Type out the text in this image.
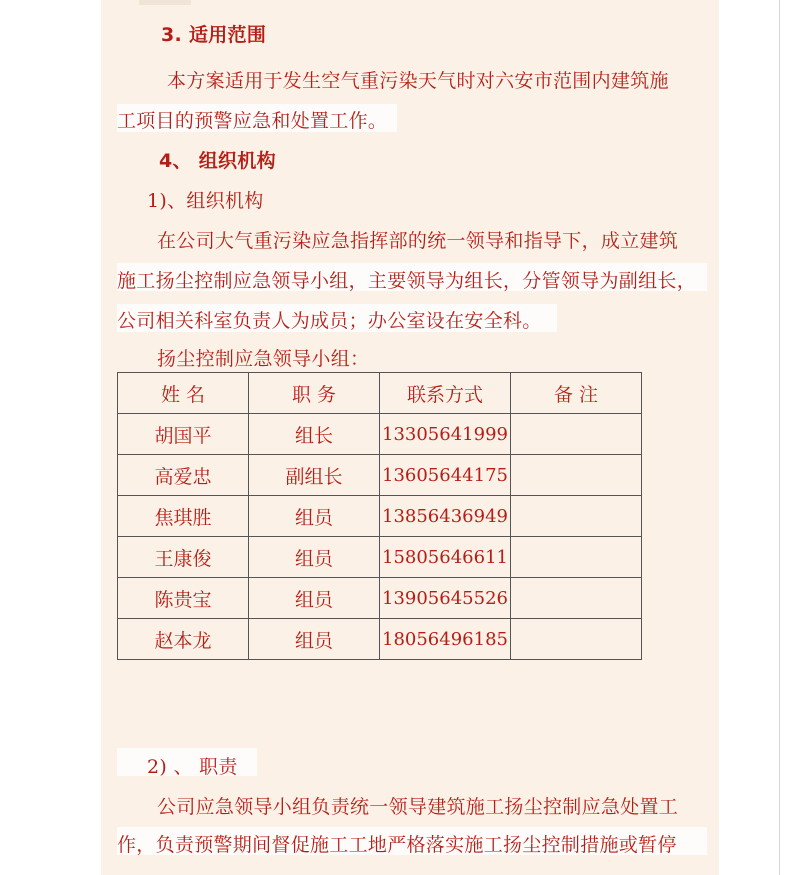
3. 适用范围
本方案适用于发生空气重污染天气时对六安市范围内建筑施
工项目的预警应急和处置工作。
4、 组织机构
1)、组织机构
在公司大气重污染应急指挥部的统一领导和指导下，成立建筑
施工扬尘控制应急领导小组，主要领导为组长，分管领导为副组长，
公司相关科室负责人为成员；办公室设在安全科。
扬尘控制应急领导小组：
姓 名	职 务	联系方式	备 注
胡国平	组长	13305641999	
高爱忠	副组长	13605644175	
焦琪胜	组员	13856436949	
王康俊	组员	15805646611	
陈贵宝	组员	13905645526	
赵本龙	组员	18056496185	
2) 、 职责
公司应急领导小组负责统一领导建筑施工扬尘控制应急处置工
作，负责预警期间督促施工工地严格落实施工扬尘控制措施或暂停
